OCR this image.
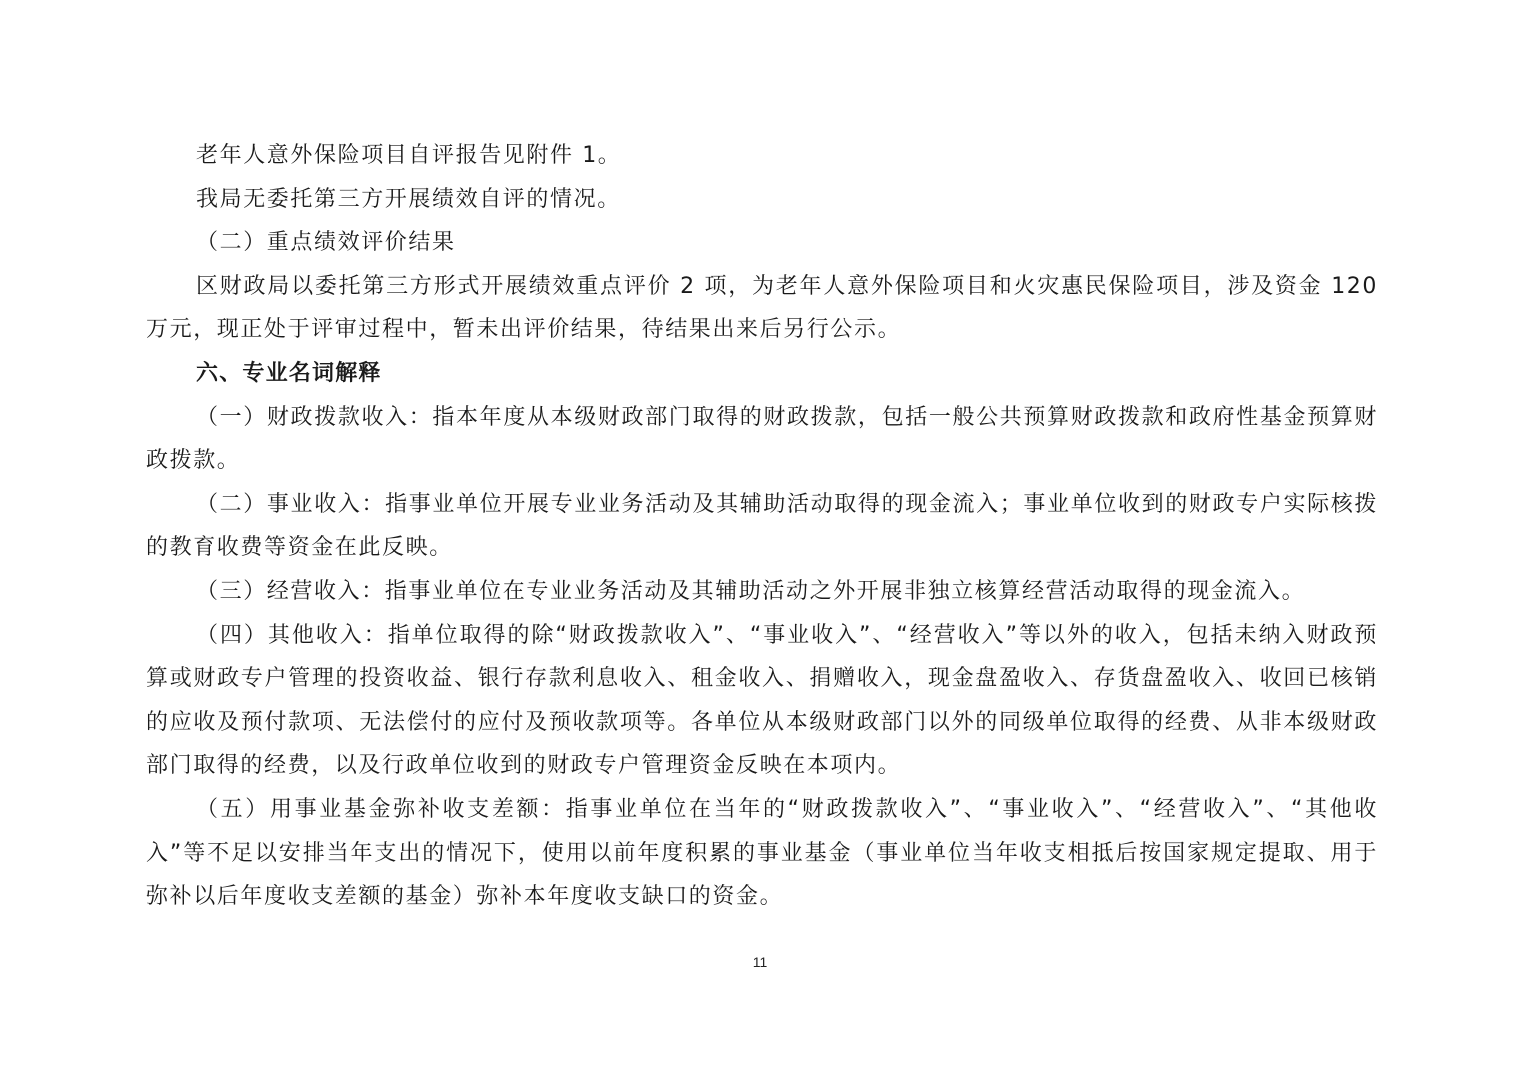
老年人意外保险项目自评报告见附件 1。

我局无委托第三方开展绩效自评的情况。

（二）重点绩效评价结果

区财政局以委托第三方形式开展绩效重点评价 2 项，为老年人意外保险项目和火灾惠民保险项目，涉及资金 120 万元，现正处于评审过程中，暂未出评价结果，待结果出来后另行公示。

六、专业名词解释

（一）财政拨款收入：指本年度从本级财政部门取得的财政拨款，包括一般公共预算财政拨款和政府性基金预算财政拨款。

（二）事业收入：指事业单位开展专业业务活动及其辅助活动取得的现金流入；事业单位收到的财政专户实际核拨的教育收费等资金在此反映。

（三）经营收入：指事业单位在专业业务活动及其辅助活动之外开展非独立核算经营活动取得的现金流入。

（四）其他收入：指单位取得的除“财政拨款收入”、“事业收入”、“经营收入”等以外的收入，包括未纳入财政预算或财政专户管理的投资收益、银行存款利息收入、租金收入、捐赠收入，现金盘盈收入、存货盘盈收入、收回已核销的应收及预付款项、无法偿付的应付及预收款项等。各单位从本级财政部门以外的同级单位取得的经费、从非本级财政部门取得的经费，以及行政单位收到的财政专户管理资金反映在本项内。

（五）用事业基金弥补收支差额：指事业单位在当年的“财政拨款收入”、“事业收入”、“经营收入”、“其他收入”等不足以安排当年支出的情况下，使用以前年度积累的事业基金（事业单位当年收支相抵后按国家规定提取、用于弥补以后年度收支差额的基金）弥补本年度收支缺口的资金。

11
